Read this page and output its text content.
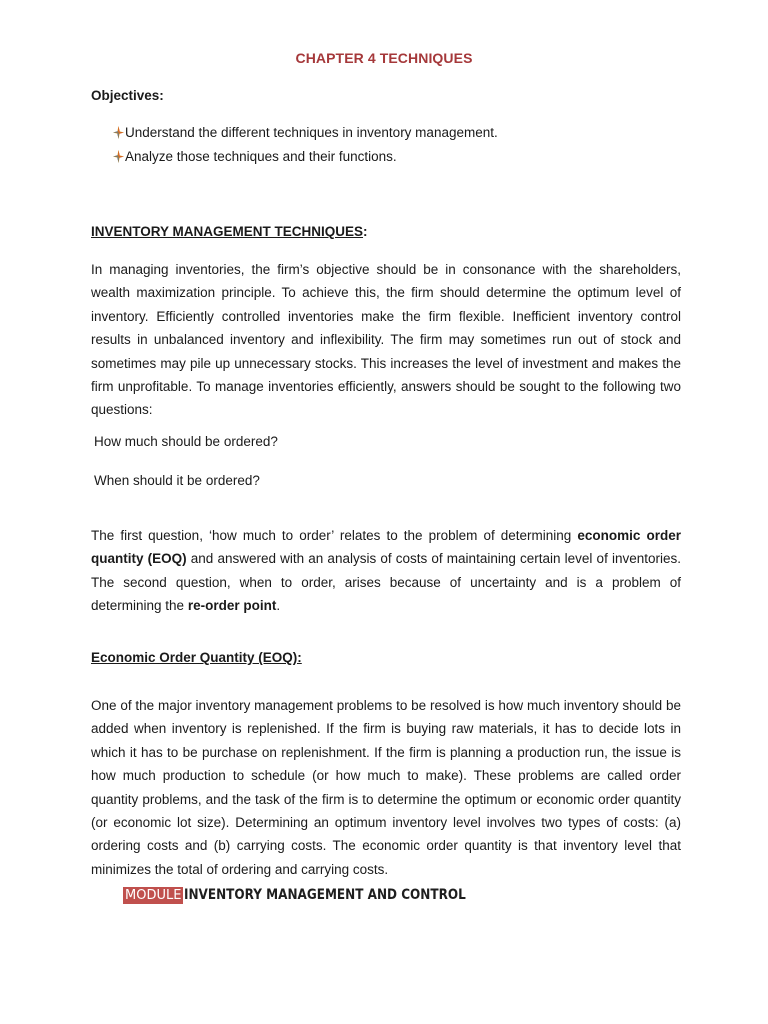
CHAPTER 4 TECHNIQUES
Objectives:
Understand the different techniques in inventory management.
Analyze those techniques and their functions.
INVENTORY MANAGEMENT TECHNIQUES:

In managing inventories, the firm’s objective should be in consonance with the shareholders, wealth maximization principle. To achieve this, the firm should determine the optimum level of inventory. Efficiently controlled inventories make the firm flexible. Inefficient inventory control results in unbalanced inventory and inflexibility. The firm may sometimes run out of stock and sometimes may pile up unnecessary stocks. This increases the level of investment and makes the firm unprofitable. To manage inventories efficiently, answers should be sought to the following two questions:

How much should be ordered?
When should it be ordered?

The first question, ‘how much to order’ relates to the problem of determining economic order quantity (EOQ) and answered with an analysis of costs of maintaining certain level of inventories. The second question, when to order, arises because of uncertainty and is a problem of determining the re-order point.

Economic Order Quantity (EOQ):

One of the major inventory management problems to be resolved is how much inventory should be added when inventory is replenished. If the firm is buying raw materials, it has to decide lots in which it has to be purchase on replenishment. If the firm is planning a production run, the issue is how much production to schedule (or how much to make). These problems are called order quantity problems, and the task of the firm is to determine the optimum or economic order quantity (or economic lot size). Determining an optimum inventory level involves two types of costs: (a) ordering costs and (b) carrying costs. The economic order quantity is that inventory level that minimizes the total of ordering and carrying costs.

MODULE INVENTORY MANAGEMENT AND CONTROL
